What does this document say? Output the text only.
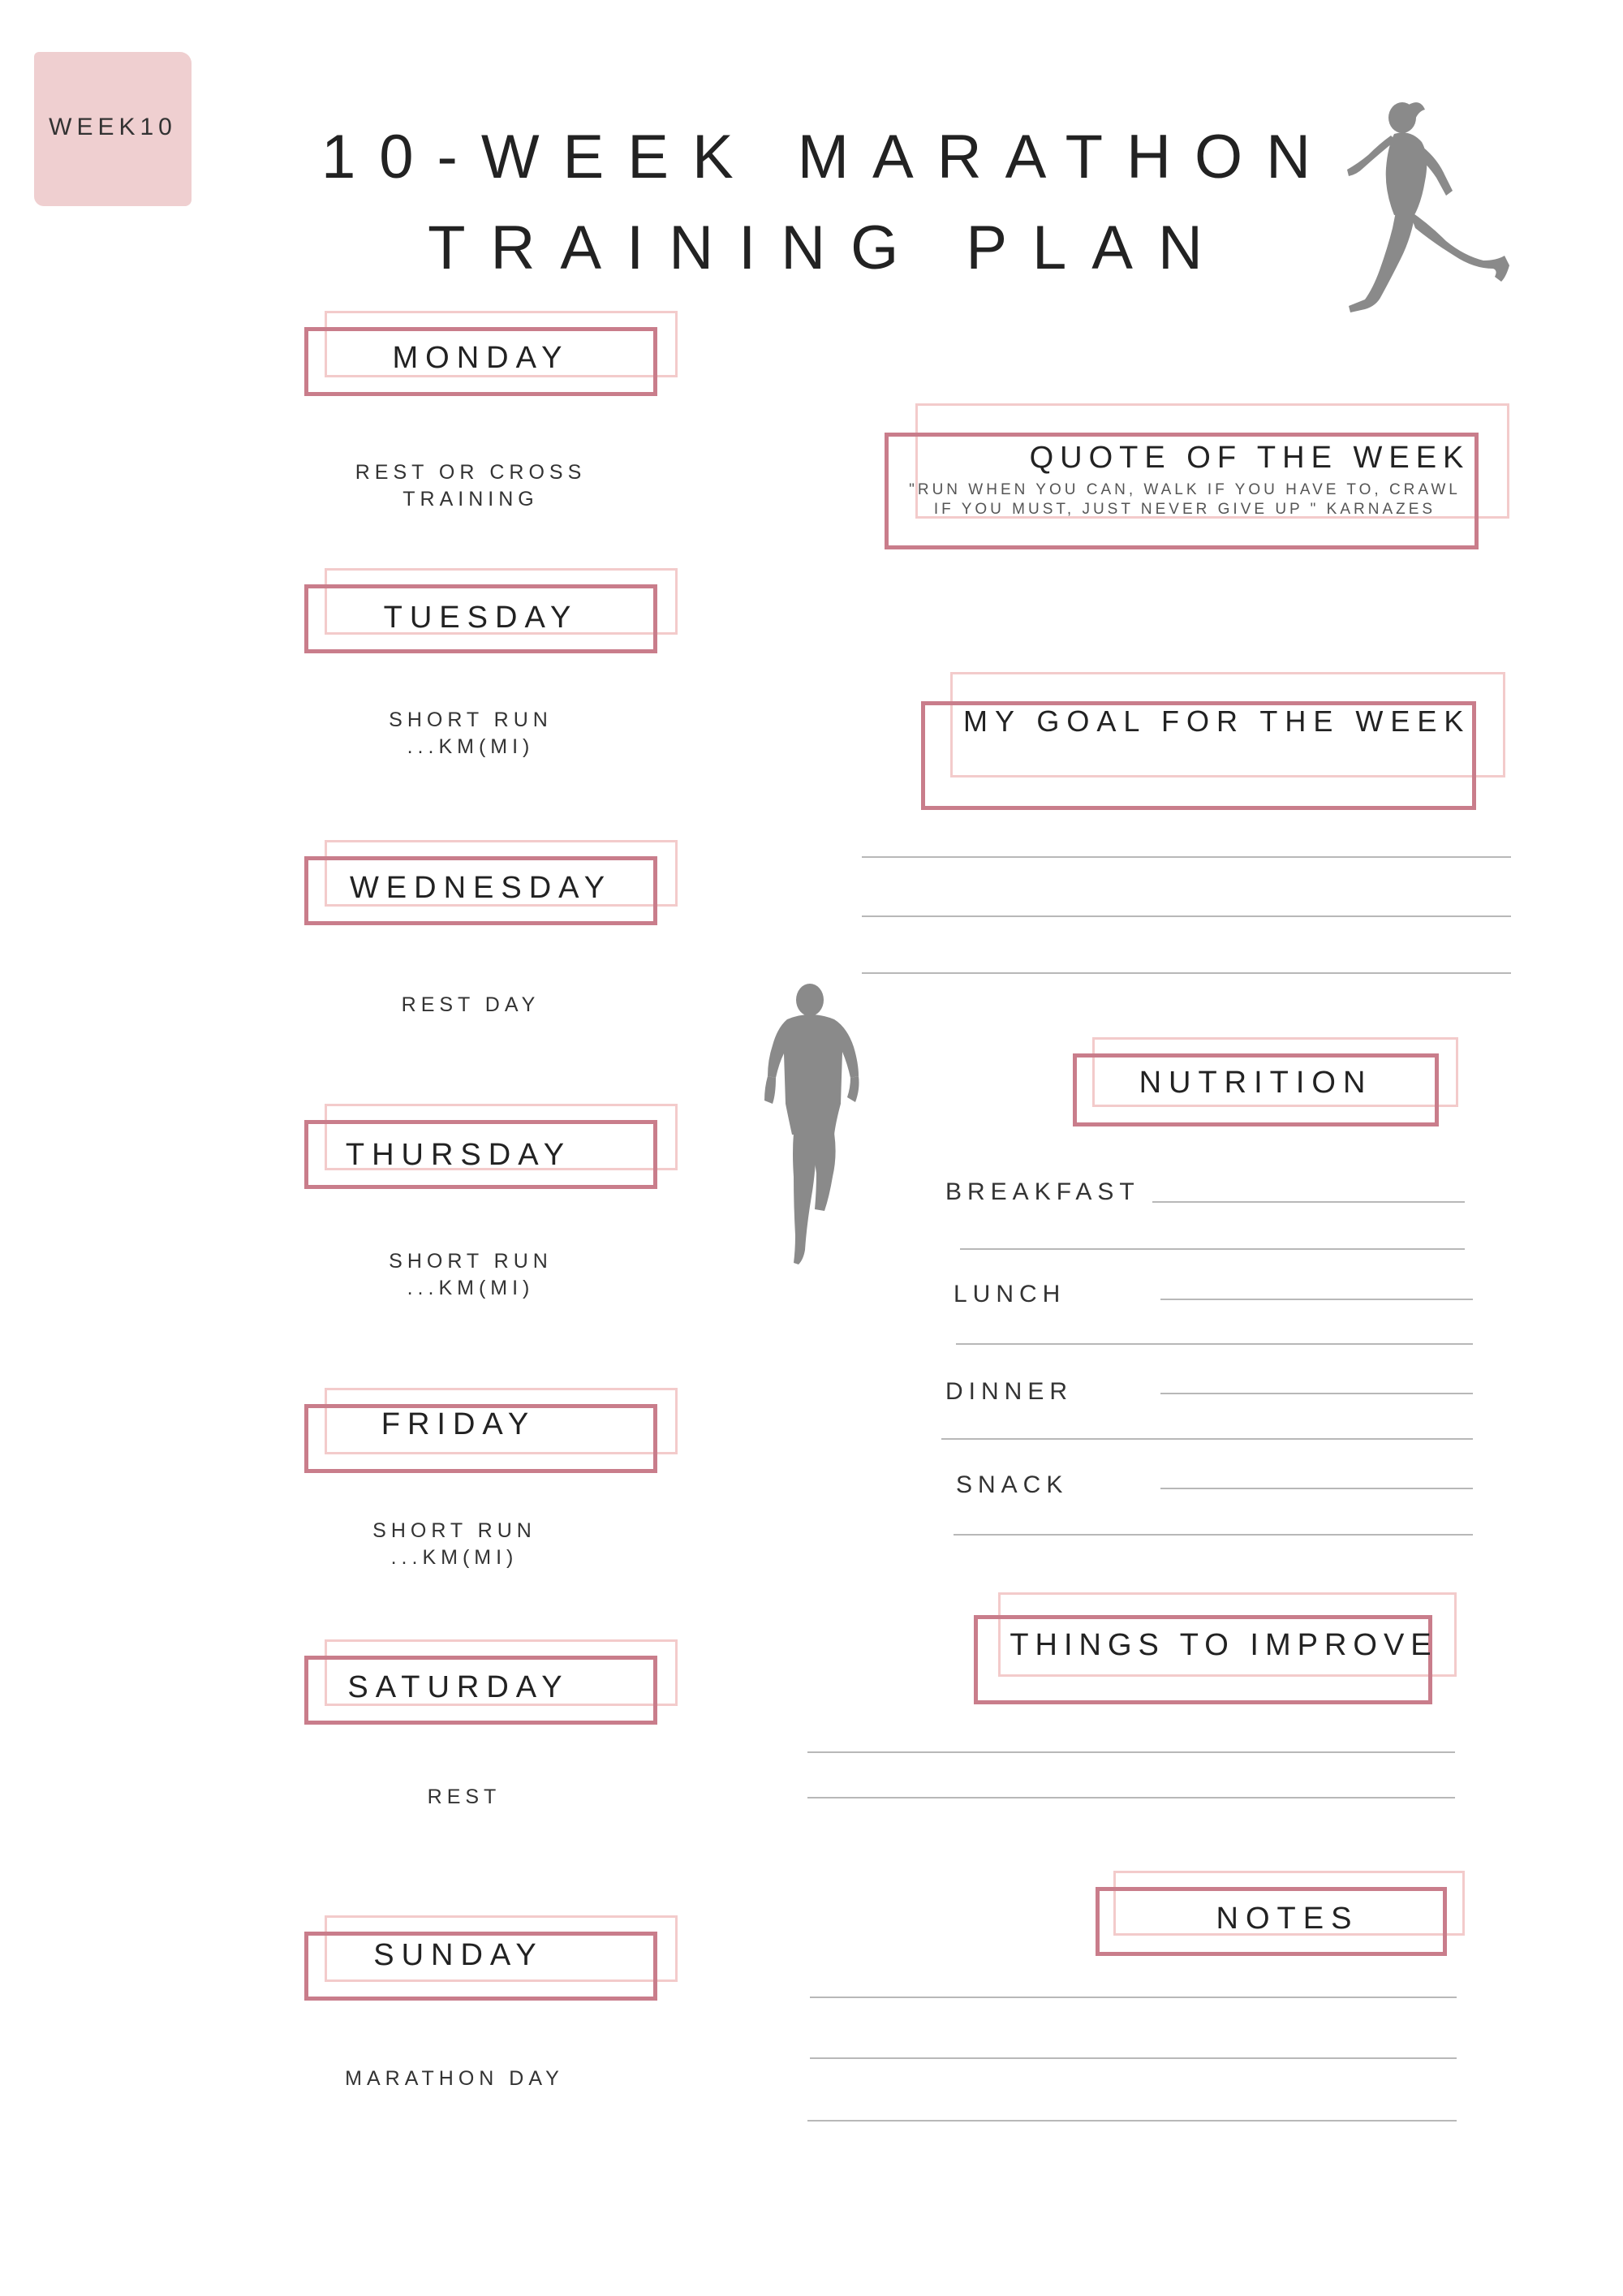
WEEK10	10-WEEK MARATHON
TRAINING PLAN
MONDAY
REST OR CROSS
TRAINING
TUESDAY
SHORT RUN
...KM(MI)
WEDNESDAY
REST DAY
THURSDAY
SHORT RUN
...KM(MI)
FRIDAY
SHORT RUN
...KM(MI)
SATURDAY
REST
SUNDAY
MARATHON DAY
QUOTE OF THE WEEK
"RUN WHEN YOU CAN, WALK IF YOU HAVE TO, CRAWL
IF YOU MUST, JUST NEVER GIVE UP " KARNAZES
MY GOAL FOR THE WEEK
NUTRITION
BREAKFAST
LUNCH
DINNER
SNACK
THINGS TO IMPROVE
NOTES
